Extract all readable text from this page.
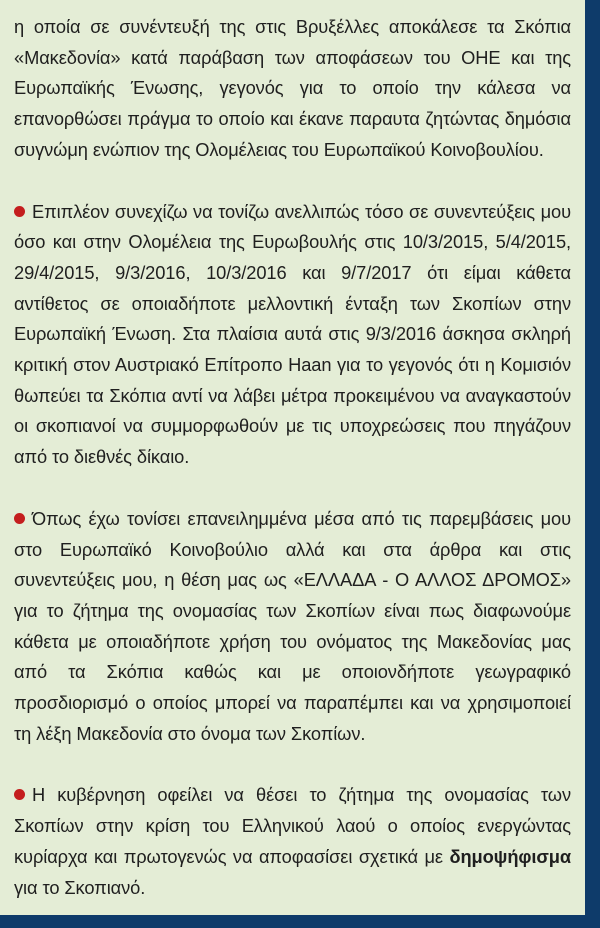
η οποία σε συνέντευξή της στις Βρυξέλλες αποκάλεσε τα Σκόπια «Μακεδονία» κατά παράβαση των αποφάσεων του ΟΗΕ και της Ευρωπαϊκής Ένωσης, γεγονός για το οποίο την κάλεσα να επανορθώσει πράγμα το οποίο και έκανε παραυτα ζητώντας δημόσια συγνώμη ενώπιον της Ολομέλειας του Ευρωπαϊκού Κοινοβουλίου.

Επιπλέον συνεχίζω να τονίζω ανελλιπώς τόσο σε συνεντεύξεις μου όσο και στην Ολομέλεια της Ευρωβουλής στις 10/3/2015, 5/4/2015, 29/4/2015, 9/3/2016, 10/3/2016 και 9/7/2017 ότι είμαι κάθετα αντίθετος σε οποιαδήποτε μελλοντική ένταξη των Σκοπίων στην Ευρωπαϊκή Ένωση. Στα πλαίσια αυτά στις 9/3/2016 άσκησα σκληρή κριτική στον Αυστριακό Επίτροπο Haan για το γεγονός ότι η Κομισιόν θωπεύει τα Σκόπια αντί να λάβει μέτρα προκειμένου να αναγκαστούν οι σκοπιανοί να συμμορφωθούν με τις υποχρεώσεις που πηγάζουν από το διεθνές δίκαιο.

Όπως έχω τονίσει επανειλημμένα μέσα από τις παρεμβάσεις μου στο Ευρωπαϊκό Κοινοβούλιο αλλά και στα άρθρα και στις συνεντεύξεις μου, η θέση μας ως «ΕΛΛΑΔΑ - Ο ΑΛΛΟΣ ΔΡΟΜΟΣ» για το ζήτημα της ονομασίας των Σκοπίων είναι πως διαφωνούμε κάθετα με οποιαδήποτε χρήση του ονόματος της Μακεδονίας μας από τα Σκόπια καθώς και με οποιονδήποτε γεωγραφικό προσδιορισμό ο οποίος μπορεί να παραπέμπει και να χρησιμοποιεί τη λέξη Μακεδονία στο όνομα των Σκοπίων.

Η κυβέρνηση οφείλει να θέσει το ζήτημα της ονομασίας των Σκοπίων στην κρίση του Ελληνικού λαού ο οποίος ενεργώντας κυρίαρχα και πρωτογενώς να αποφασίσει σχετικά με δημοψήφισμα για το Σκοπιανό.
